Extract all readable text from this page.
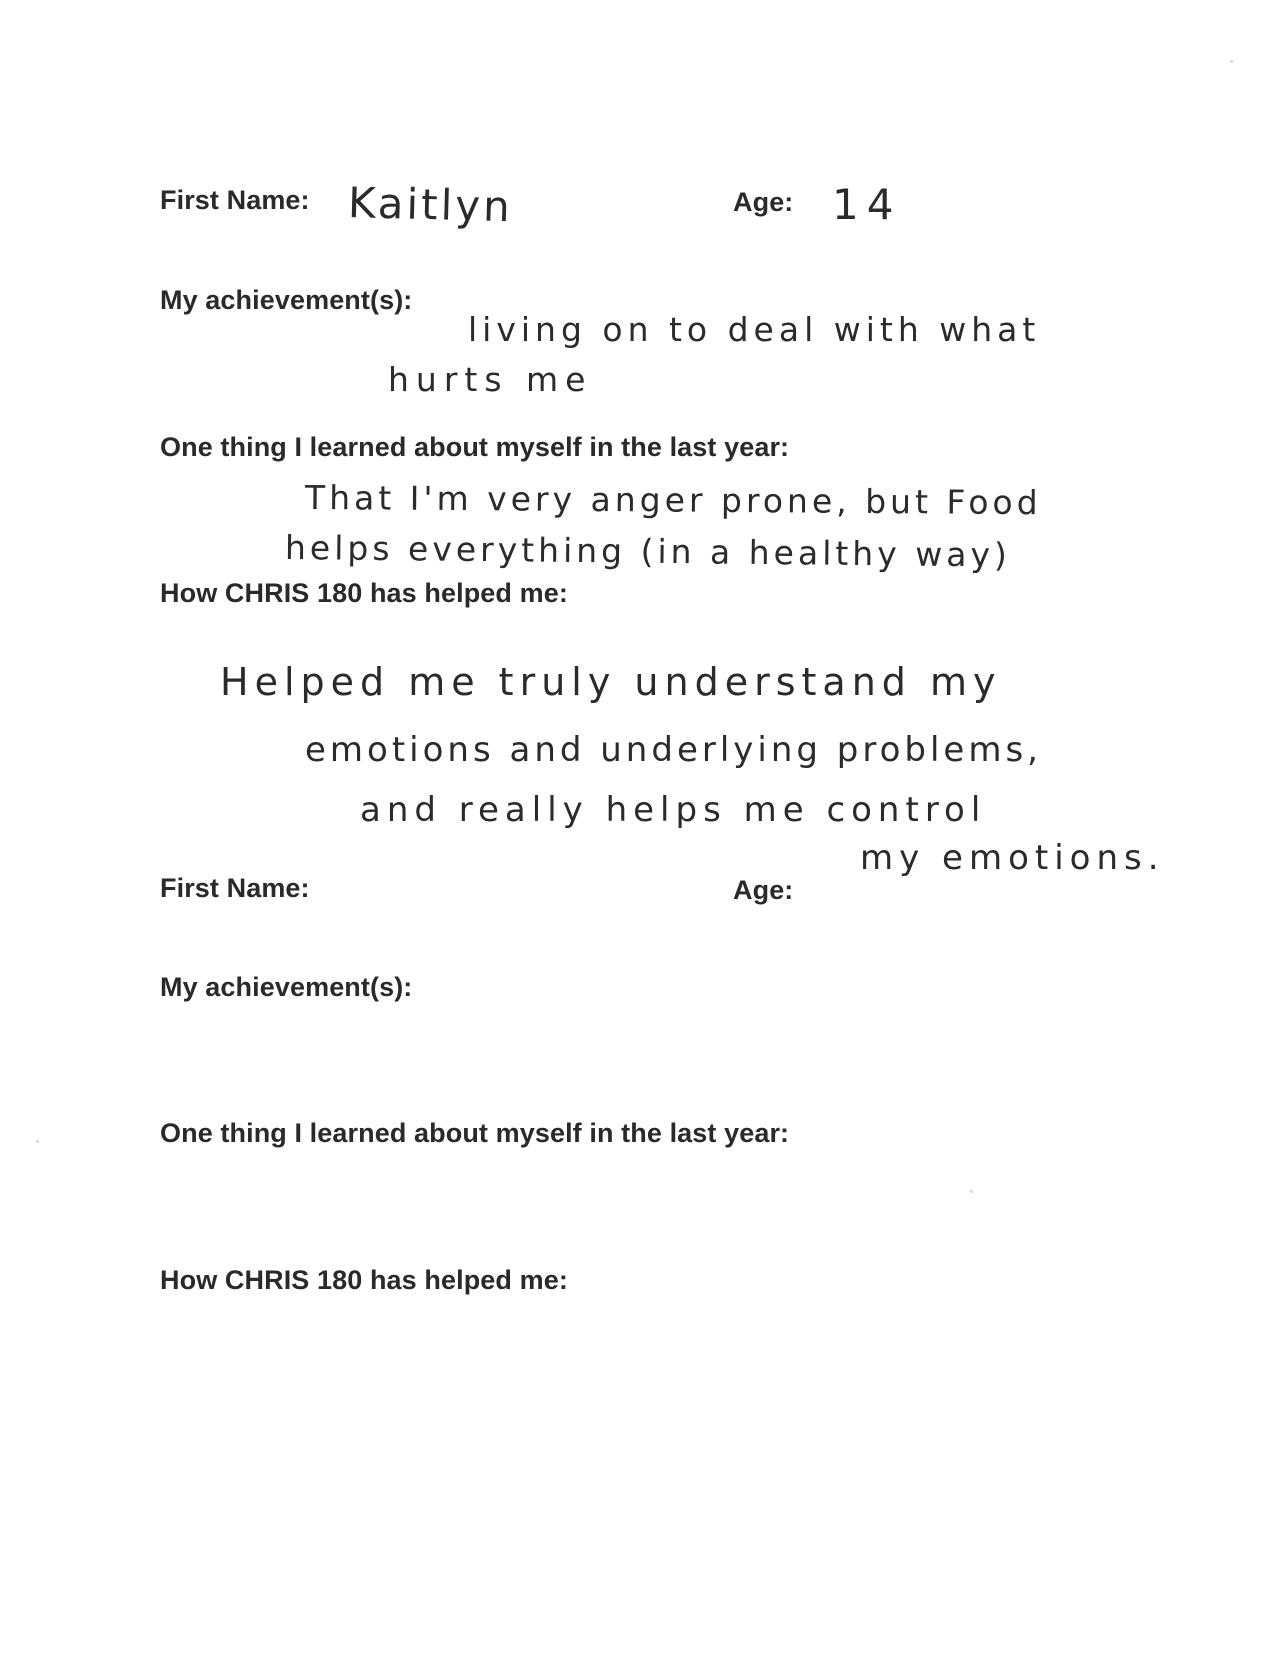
First Name: Kaitlyn	Age: 14
My achievement(s):
living on to deal with what
hurts me
One thing I learned about myself in the last year:
That I'm very anger prone, but Food
helps everything (in a healthy way)
How CHRIS 180 has helped me:
Helped me truly understand my
emotions and underlying problems,
and really helps me control
my emotions.
First Name:	Age:
My achievement(s):
One thing I learned about myself in the last year:
How CHRIS 180 has helped me:
